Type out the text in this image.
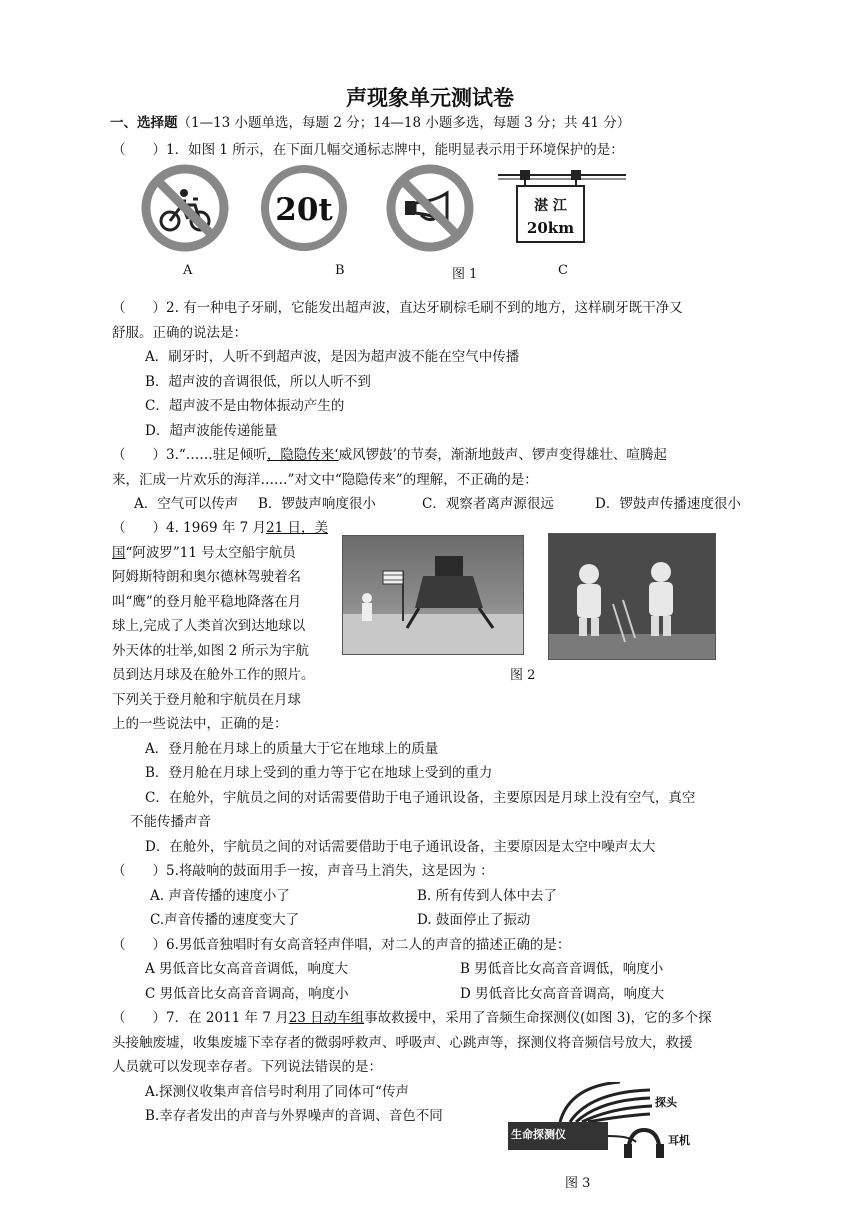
声现象单元测试卷
一、选择题（1—13 小题单选，每题 2 分；14—18 小题多选，每题 3 分；共 41 分）
（　　）1．如图 1 所示，在下面几幅交通标志牌中，能明显表示用于环境保护的是：
20t	湛 江
20km
A	B	图 1	C
（　　）2. 有一种电子牙刷，它能发出超声波，直达牙刷棕毛刷不到的地方，这样刷牙既干净又
舒服。正确的说法是：
A．刷牙时，人听不到超声波，是因为超声波不能在空气中传播
B．超声波的音调很低，所以人听不到
C．超声波不是由物体振动产生的
D．超声波能传递能量
（　　）3.“……驻足倾听，隐隐传来‘威风锣鼓’的节奏，渐渐地鼓声、锣声变得雄壮、喧腾起
来，汇成一片欢乐的海洋……”对文中“隐隐传来”的理解，不正确的是：
A．空气可以传声 B．锣鼓声响度很小	C．观察者离声源很远	D．锣鼓声传播速度很小
（　　）4. 1969 年 7 月21 日，美
国“阿波罗”11 号太空船宇航员
阿姆斯特朗和奥尔德林驾驶着名
叫“鹰”的登月舱平稳地降落在月
球上,完成了人类首次到达地球以
外天体的壮举,如图 2 所示为宇航
员到达月球及在舱外工作的照片。
下列关于登月舱和宇航员在月球
上的一些说法中，正确的是：
图 2
A．登月舱在月球上的质量大于它在地球上的质量
B．登月舱在月球上受到的重力等于它在地球上受到的重力
C．在舱外，宇航员之间的对话需要借助于电子通讯设备，主要原因是月球上没有空气，真空
不能传播声音
D．在舱外，宇航员之间的对话需要借助于电子通讯设备，主要原因是太空中噪声太大
（　　）5.将敲响的鼓面用手一按，声音马上消失，这是因为 ：
A. 声音传播的速度小了	B. 所有传到人体中去了
C.声音传播的速度变大了	D. 鼓面停止了振动
（　　）6.男低音独唱时有女高音轻声伴唱，对二人的声音的描述正确的是：
A 男低音比女高音音调低，响度大	B 男低音比女高音音调低，响度小
C 男低音比女高音音调高，响度小	D 男低音比女高音音调高，响度大
（　　）7．在 2011 年 7 月23 日动车组事故救援中，采用了音频生命探测仪(如图 3)，它的多个探
头接触废墟，收集废墟下幸存者的微弱呼救声、呼吸声、心跳声等，探测仪将音频信号放大，救援
人员就可以发现幸存者。下列说法错误的是：
A.探测仪收集声音信号时利用了同体可“传声
B.幸存者发出的声音与外界噪声的音调、音色不同
生命探测仪
探头
耳机
图 3
